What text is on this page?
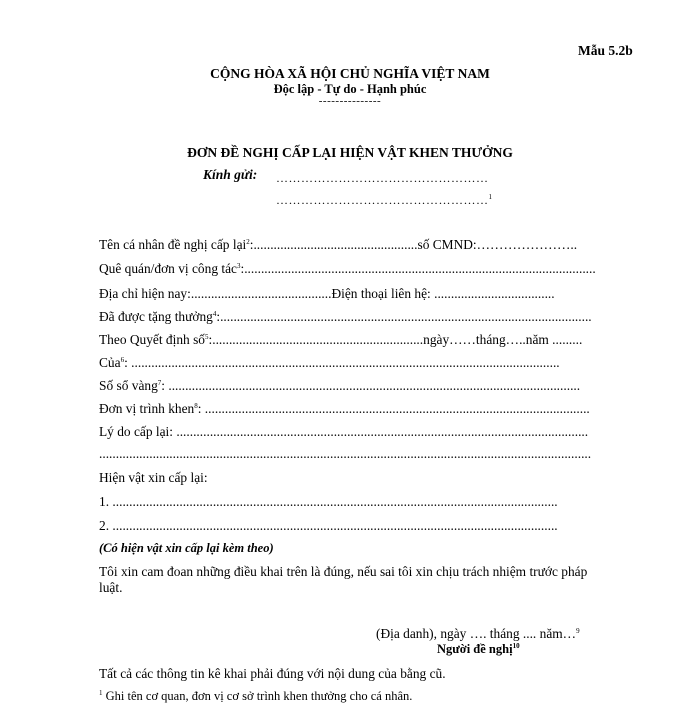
Mẫu 5.2b
CỘNG HÒA XÃ HỘI CHỦ NGHĨA VIỆT NAM
Độc lập - Tự do - Hạnh phúc
---------------
ĐƠN ĐỀ NGHỊ CẤP LẠI HIỆN VẬT KHEN THƯỞNG
Kính gửi: ……………………………………………
……………………………………………$^1$
Tên cá nhân đề nghị cấp lại$^2$:.................................................số CMND:…………………..
Quê quán/đơn vị công tác$^3$:.........................................................................................................
Địa chỉ hiện nay:..........................................Điện thoại liên hệ: ....................................
Đã được tặng thưởng$^4$:...............................................................................................................
Theo Quyết định số$^5$:...............................................................ngày……tháng…..năm .........
Của$^6$: ................................................................................................................................
Số sổ vàng$^7$: ...........................................................................................................................
Đơn vị trình khen$^8$: ...................................................................................................................
Lý do cấp lại: ...........................................................................................................................
...................................................................................................................................................
Hiện vật xin cấp lại:
1. .....................................................................................................................................
2. .....................................................................................................................................
(Có hiện vật xin cấp lại kèm theo)
Tôi xin cam đoan những điều khai trên là đúng, nếu sai tôi xin chịu trách nhiệm trước pháp
luật.
(Địa danh), ngày …. tháng .... năm…$^9$
Người đề nghị$^{10}$
Tất cả các thông tin kê khai phải đúng với nội dung của bằng cũ.
$^1$ Ghi tên cơ quan, đơn vị cơ sở trình khen thưởng cho cá nhân.
